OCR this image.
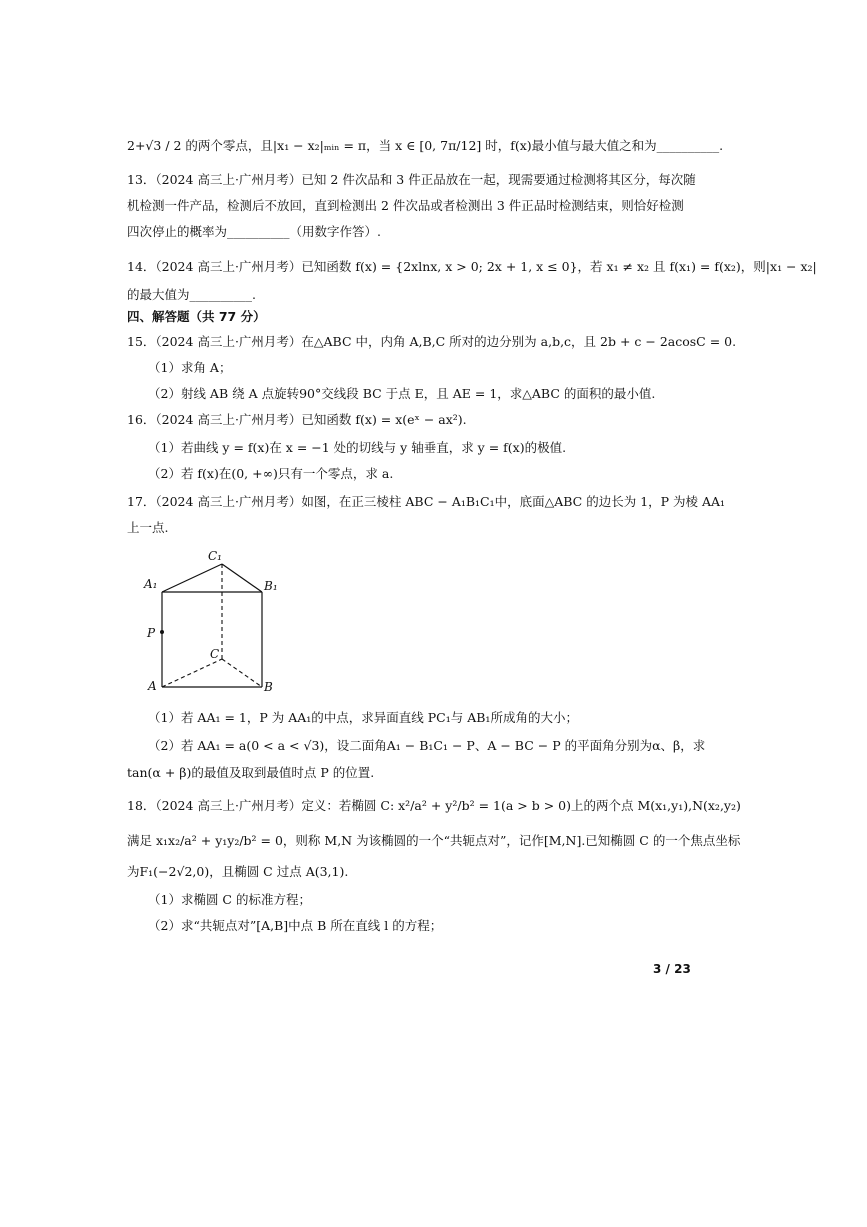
2+√3 / 2 的两个零点，且|x₁ − x₂|ₘᵢₙ = π，当 x ∈ [0, 7π/12] 时，f(x)最小值与最大值之和为__________.
13．（2024 高三上·广州月考）已知 2 件次品和 3 件正品放在一起，现需要通过检测将其区分，每次随
机检测一件产品，检测后不放回，直到检测出 2 件次品或者检测出 3 件正品时检测结束，则恰好检测
四次停止的概率为__________（用数字作答）.
14．（2024 高三上·广州月考）已知函数 f(x) = {2xlnx, x > 0; 2x + 1, x ≤ 0}，若 x₁ ≠ x₂ 且 f(x₁) = f(x₂)，则|x₁ − x₂|
的最大值为__________.
四、解答题（共 77 分）
15．（2024 高三上·广州月考）在△ABC 中，内角 A,B,C 所对的边分别为 a,b,c，且 2b + c − 2acosC = 0.
（1）求角 A；
（2）射线 AB 绕 A 点旋转90°交线段 BC 于点 E，且 AE = 1，求△ABC 的面积的最小值.
16．（2024 高三上·广州月考）已知函数 f(x) = x(eˣ − ax²).
（1）若曲线 y = f(x)在 x = −1 处的切线与 y 轴垂直，求 y = f(x)的极值.
（2）若 f(x)在(0, +∞)只有一个零点，求 a.
17．（2024 高三上·广州月考）如图，在正三棱柱 ABC − A₁B₁C₁中，底面△ABC 的边长为 1，P 为棱 AA₁
上一点.
C₁
A₁	B₁
P
C
A	B
（1）若 AA₁ = 1，P 为 AA₁的中点，求异面直线 PC₁与 AB₁所成角的大小；
（2）若 AA₁ = a(0 < a < √3)，设二面角A₁ − B₁C₁ − P、A − BC − P 的平面角分别为α、β，求
tan(α + β)的最值及取到最值时点 P 的位置.
18．（2024 高三上·广州月考）定义：若椭圆 C: x²/a² + y²/b² = 1(a > b > 0)上的两个点 M(x₁,y₁),N(x₂,y₂)
满足 x₁x₂/a² + y₁y₂/b² = 0，则称 M,N 为该椭圆的一个“共轭点对”，记作[M,N].已知椭圆 C 的一个焦点坐标
为F₁(−2√2,0)，且椭圆 C 过点 A(3,1).
（1）求椭圆 C 的标准方程；
（2）求“共轭点对”[A,B]中点 B 所在直线 l 的方程；
3 / 23
